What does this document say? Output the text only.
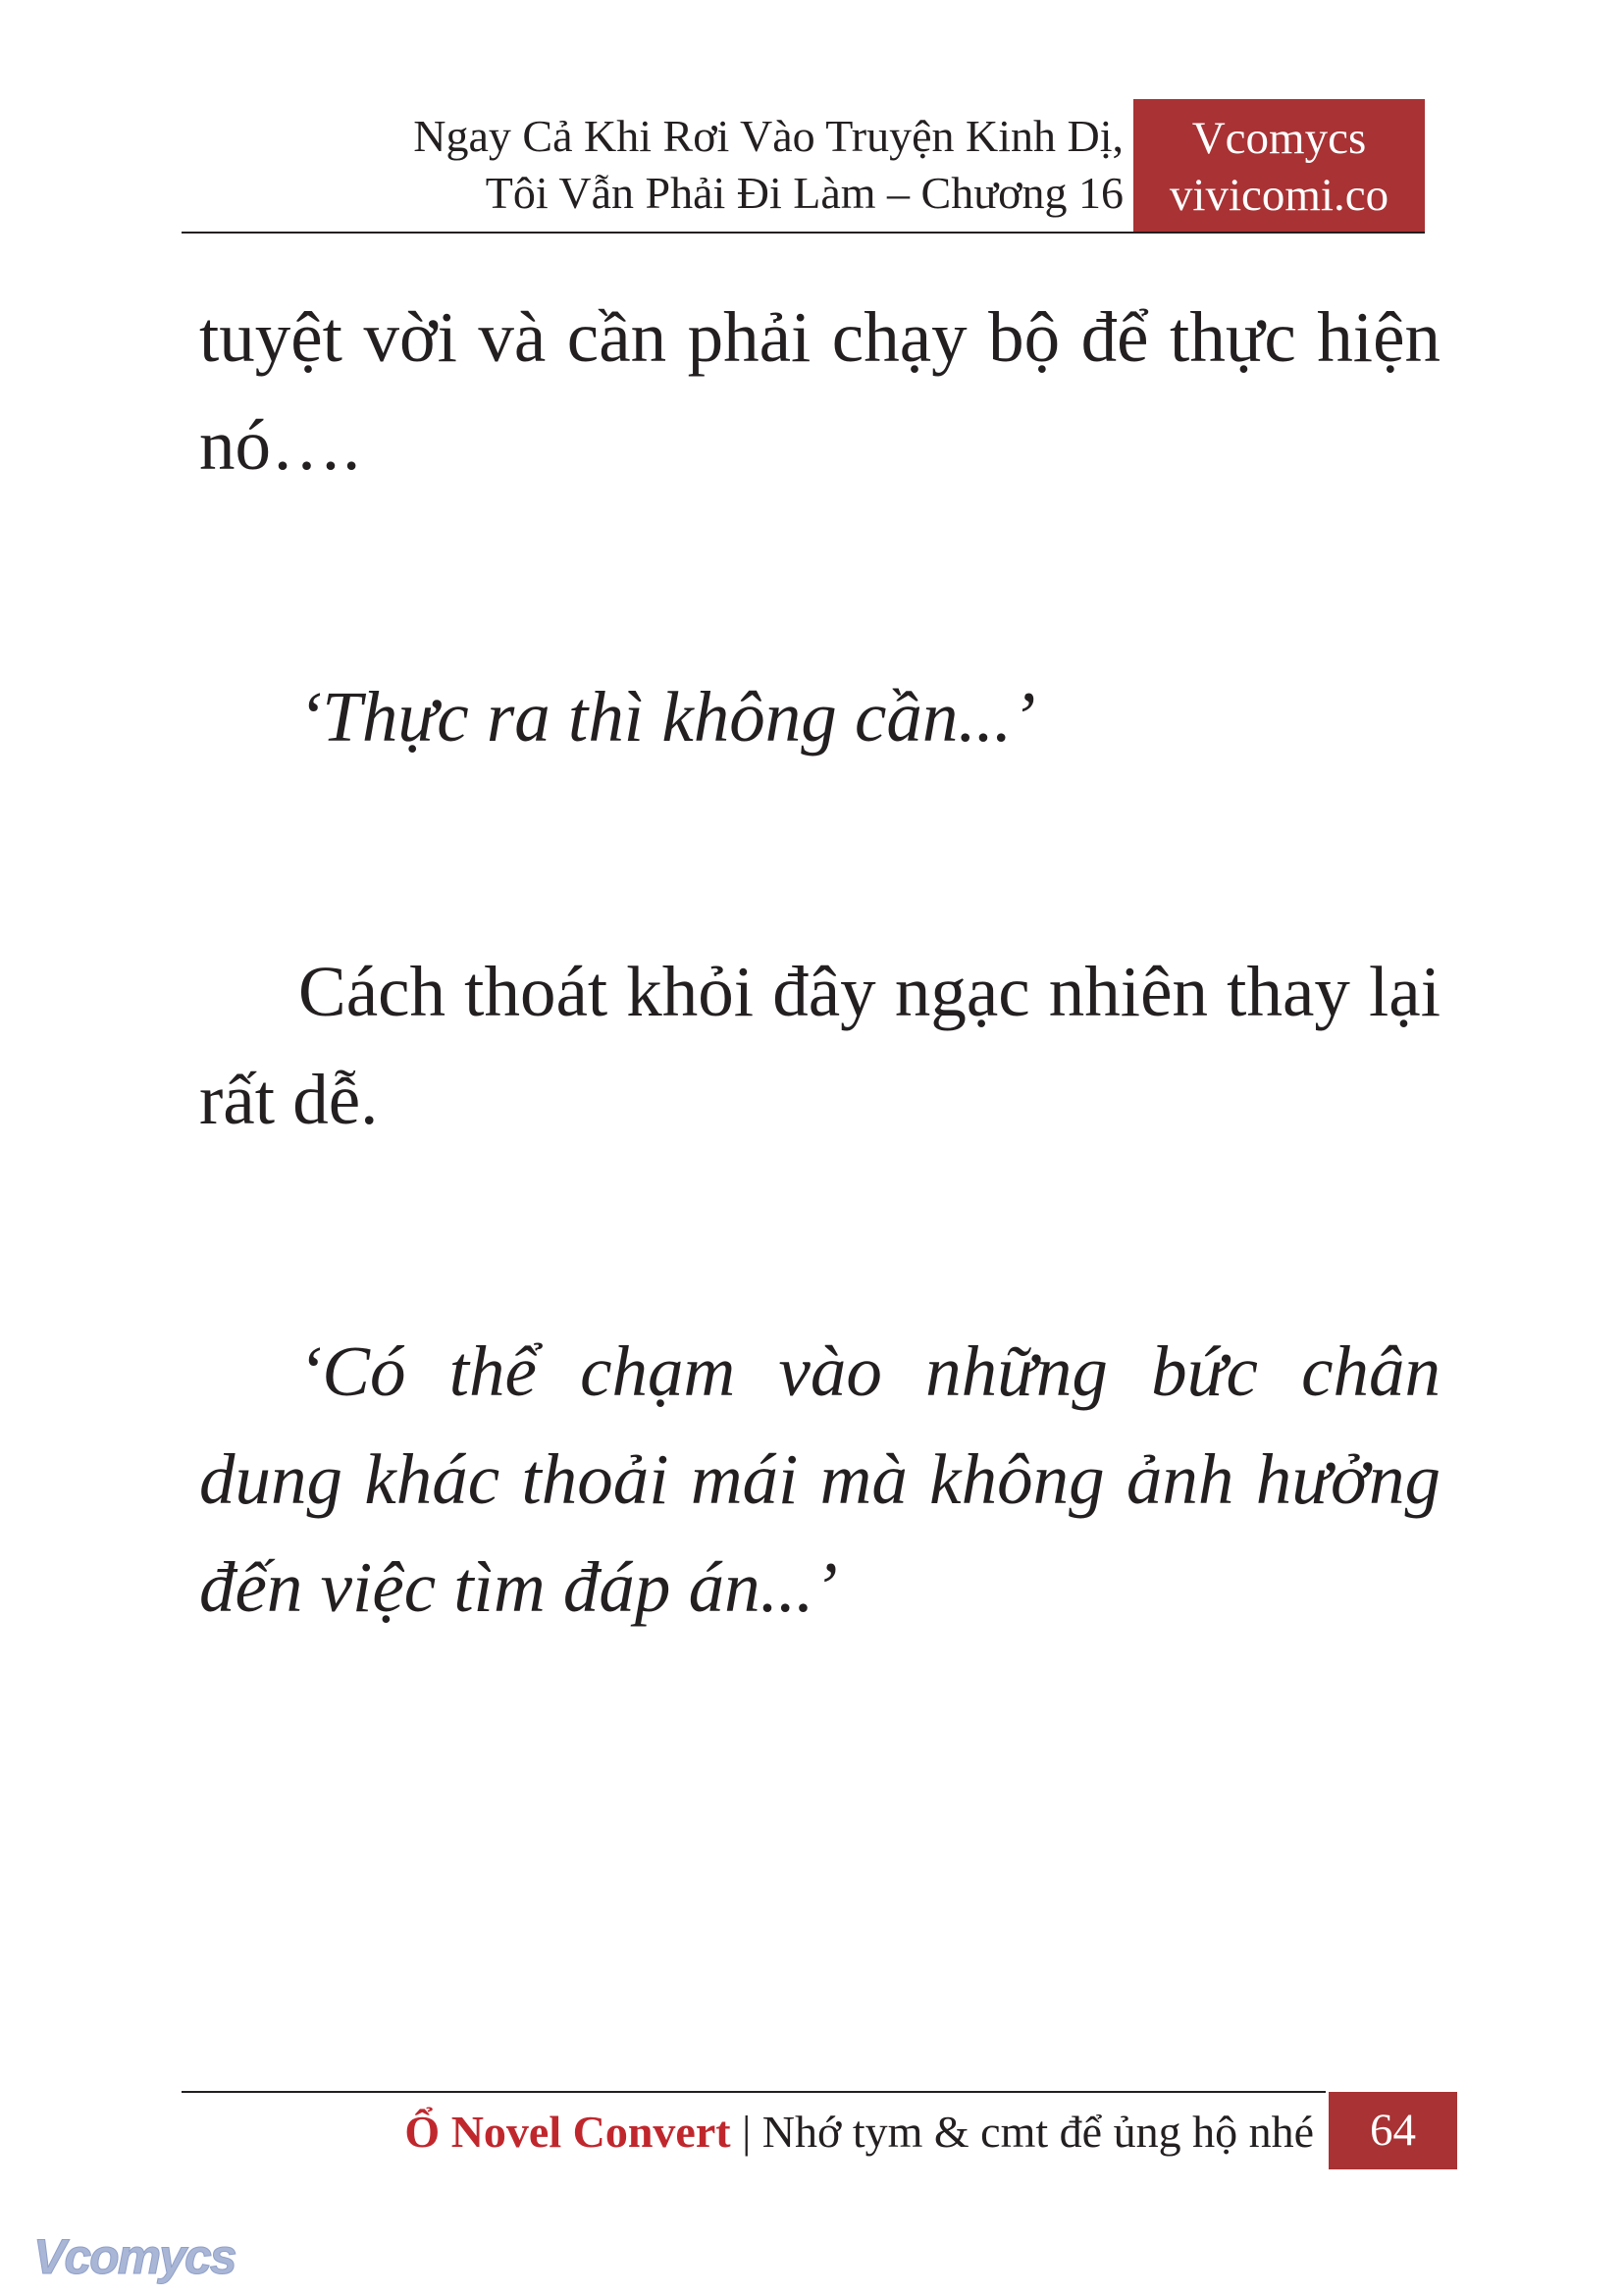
Ngay Cả Khi Rơi Vào Truyện Kinh Dị,
Tôi Vẫn Phải Đi Làm – Chương 16
Vcomycs
vivicomi.co

tuyệt vời và cần phải chạy bộ để thực hiện nó….

‘Thực ra thì không cần...’

Cách thoát khỏi đây ngạc nhiên thay lại rất dễ.

‘Có thể chạm vào những bức chân dung khác thoải mái mà không ảnh hưởng đến việc tìm đáp án...’

Ổ Novel Convert | Nhớ tym & cmt để ủng hộ nhé	64
Vcomycs
